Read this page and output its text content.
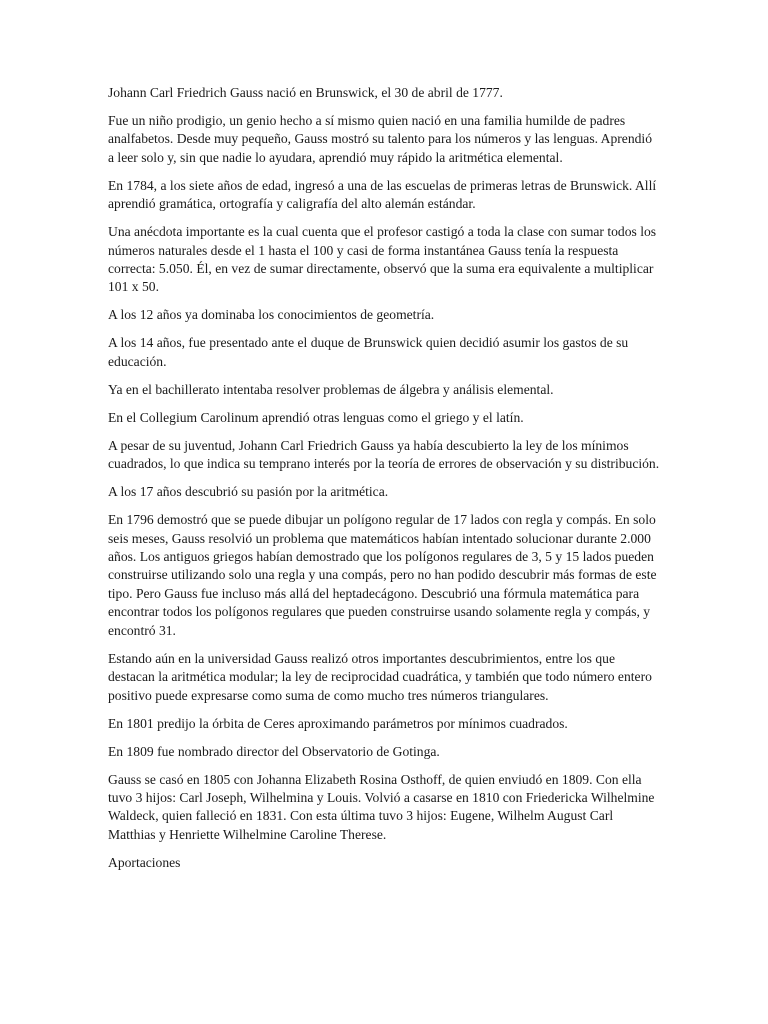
Johann Carl Friedrich Gauss nació en Brunswick, el 30 de abril de 1777.

Fue un niño prodigio, un genio hecho a sí mismo quien nació en una familia humilde de padres analfabetos. Desde muy pequeño, Gauss mostró su talento para los números y las lenguas. Aprendió a leer solo y, sin que nadie lo ayudara, aprendió muy rápido la aritmética elemental.

En 1784, a los siete años de edad, ingresó a una de las escuelas de primeras letras de Brunswick. Allí aprendió gramática, ortografía y caligrafía del alto alemán estándar.

Una anécdota importante es la cual cuenta que el profesor castigó a toda la clase con sumar todos los números naturales desde el 1 hasta el 100 y casi de forma instantánea Gauss tenía la respuesta correcta: 5.050. Él, en vez de sumar directamente, observó que la suma era equivalente a multiplicar 101 x 50.

A los 12 años ya dominaba los conocimientos de geometría.

A los 14 años, fue presentado ante el duque de Brunswick quien decidió asumir los gastos de su educación.

Ya en el bachillerato intentaba resolver problemas de álgebra y análisis elemental.

En el Collegium Carolinum aprendió otras lenguas como el griego y el latín.

A pesar de su juventud, Johann Carl Friedrich Gauss ya había descubierto la ley de los mínimos cuadrados, lo que indica su temprano interés por la teoría de errores de observación y su distribución.

A los 17 años descubrió su pasión por la aritmética.

En 1796 demostró que se puede dibujar un polígono regular de 17 lados con regla y compás. En solo seis meses, Gauss resolvió un problema que matemáticos habían intentado solucionar durante 2.000 años. Los antiguos griegos habían demostrado que los polígonos regulares de 3, 5 y 15 lados pueden construirse utilizando solo una regla y una compás, pero no han podido descubrir más formas de este tipo. Pero Gauss fue incluso más allá del heptadecágono. Descubrió una fórmula matemática para encontrar todos los polígonos regulares que pueden construirse usando solamente regla y compás, y encontró 31.

Estando aún en la universidad Gauss realizó otros importantes descubrimientos, entre los que destacan la aritmética modular; la ley de reciprocidad cuadrática, y también que todo número entero positivo puede expresarse como suma de como mucho tres números triangulares.

En 1801 predijo la órbita de Ceres aproximando parámetros por mínimos cuadrados.

En 1809 fue nombrado director del Observatorio de Gotinga.

Gauss se casó en 1805 con Johanna Elizabeth Rosina Osthoff, de quien enviudó en 1809. Con ella tuvo 3 hijos: Carl Joseph, Wilhelmina y Louis. Volvió a casarse en 1810 con Friedericka Wilhelmine Waldeck, quien falleció en 1831. Con esta última tuvo 3 hijos: Eugene, Wilhelm August Carl Matthias y Henriette Wilhelmine Caroline Therese.

Aportaciones
